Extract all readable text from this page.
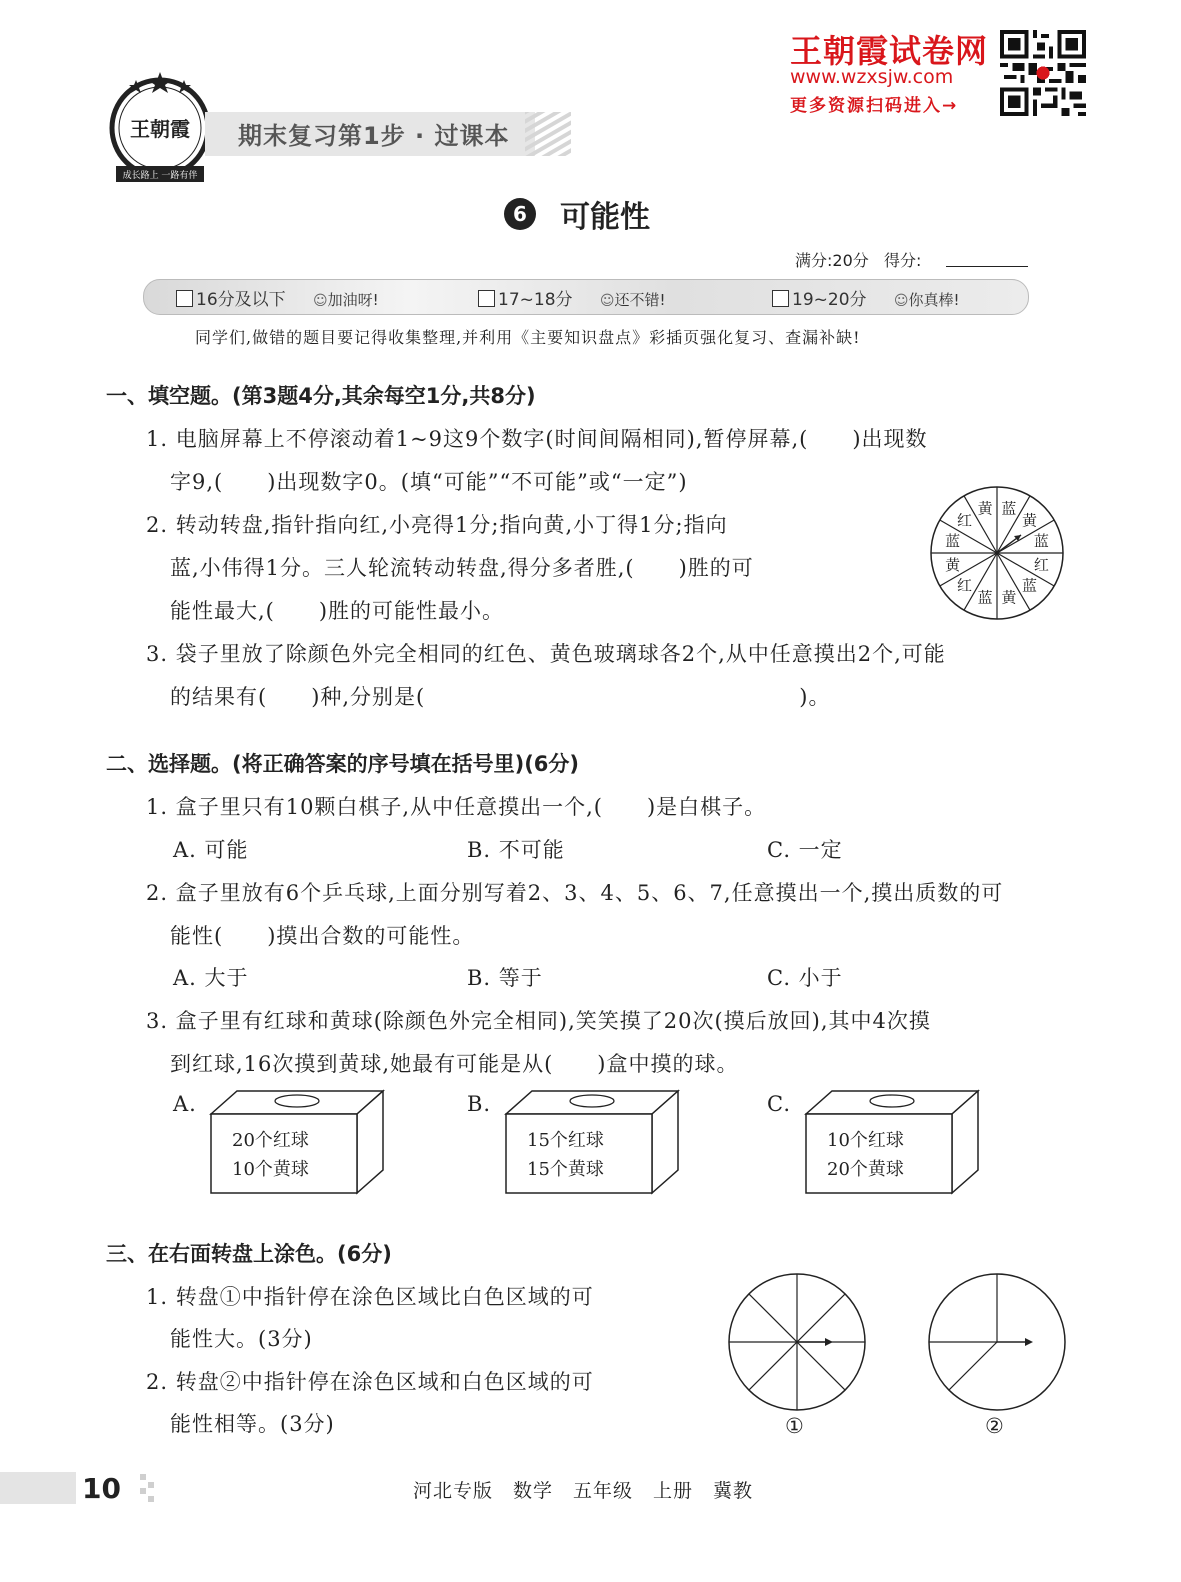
成长路上 一路有伴
王朝霞 期末复习第1步 · 过课本
王朝霞试卷网
www.wzxsjw.com
更多资源扫码进入→
6	可能性
满分:20分 得分:
16分及以下 ☺加油呀!	17~18分 ☺还不错!	19~20分 ☺你真棒!
同学们,做错的题目要记得收集整理,并利用《主要知识盘点》彩插页强化复习、查漏补缺!
一、填空题。(第3题4分,其余每空1分,共8分)
1. 电脑屏幕上不停滚动着1~9这9个数字(时间间隔相同),暂停屏幕,(　　)出现数
字9,(　　)出现数字0。(填“可能”“不可能”或“一定”)
2. 转动转盘,指针指向红,小亮得1分;指向黄,小丁得1分;指向
蓝,小伟得1分。三人轮流转动转盘,得分多者胜,(　　)胜的可
能性最大,(　　)胜的可能性最小。
3. 袋子里放了除颜色外完全相同的红色、黄色玻璃球各2个,从中任意摸出2个,可能
的结果有(　　)种,分别是(　　　　　　　　　　　　　　　　　)。
蓝
黄
蓝
红
蓝
黄
蓝
红
黄
蓝
红
黄
二、选择题。(将正确答案的序号填在括号里)(6分)
1. 盒子里只有10颗白棋子,从中任意摸出一个,(　　)是白棋子。
A. 可能	B. 不可能	C. 一定
2. 盒子里放有6个乒乓球,上面分别写着2、3、4、5、6、7,任意摸出一个,摸出质数的可
能性(　　)摸出合数的可能性。
A. 大于	B. 等于	C. 小于
3. 盒子里有红球和黄球(除颜色外完全相同),笑笑摸了20次(摸后放回),其中4次摸
到红球,16次摸到黄球,她最有可能是从(　　)盒中摸的球。
A.	B.	C.
20个红球
10个黄球
15个红球
15个黄球
10个红球
20个黄球
三、在右面转盘上涂色。(6分)
1. 转盘①中指针停在涂色区域比白色区域的可
能性大。(3分)
2. 转盘②中指针停在涂色区域和白色区域的可
能性相等。(3分)	①	②
10	河北专版　数学　五年级　上册　冀教
